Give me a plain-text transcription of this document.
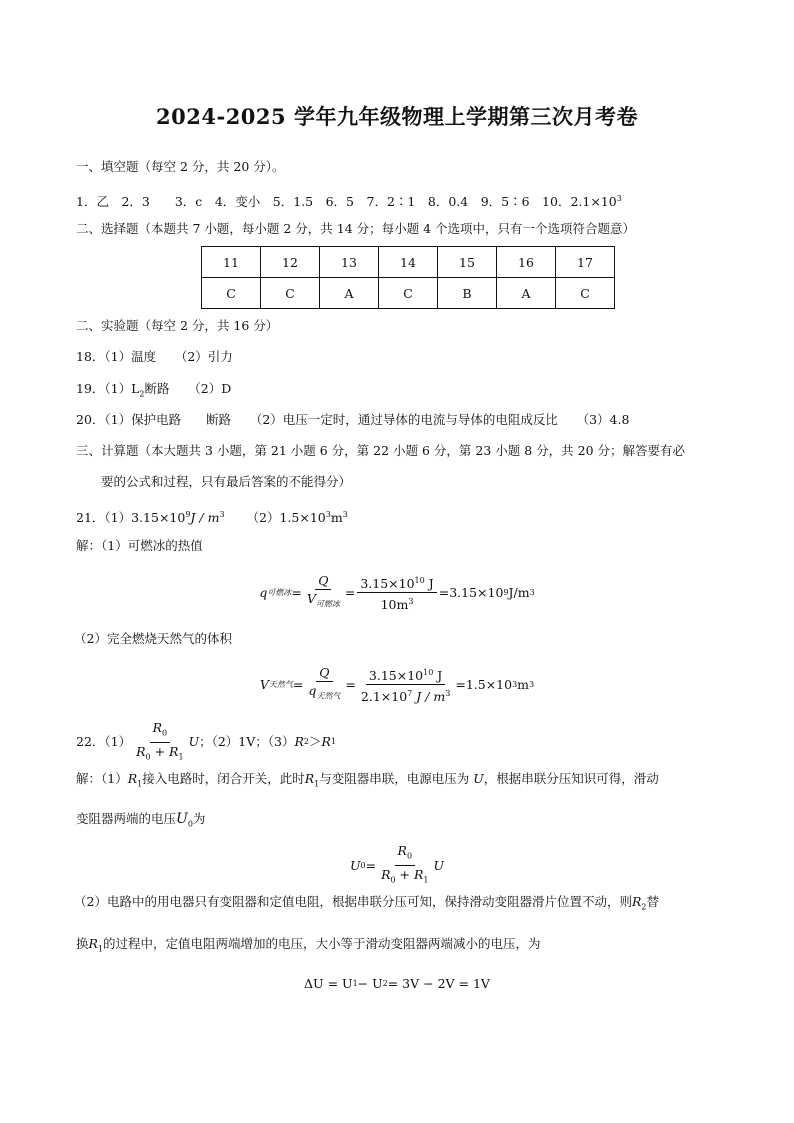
2024-2025 学年九年级物理上学期第三次月考卷
一、填空题（每空 2 分，共 20 分）。
1．乙　2．3　　3．c　4．变小　5．1.5　6．5　7．2∶1　8．0.4　9．5∶6　10．$2.1\times 10^3$
二、选择题（本题共 7 小题，每小题 2 分，共 14 分；每小题 4 个选项中，只有一个选项符合题意）
11	12	13	14	15	16	17
C	C	A	C	B	A	C
二、实验题（每空 2 分，共 16 分）
18．（1）温度　　（2）引力
19．$(1)L_2$断路　　（2）D
20．（1）保护电路　　断路　　（2）电压一定时，通过导体的电流与导体的电阻成反比　　（3）4.8
三、计算题（本大题共 3 小题，第 21 小题 6 分，第 22 小题 6 分，第 23 小题 8 分，共 20 分；解答要有必
要的公式和过程，只有最后答案的不能得分）
21．$(1)3.15\times 10^9J / m^3$ $(2)1.5\times 10^3m^3$
解：（1）可燃冰的热值
q 可燃冰 = $\frac{Q}{V_{可燃冰}} = \frac{3.15\times 10^{10} J}{10m^3} =3.15\times 10$ 9 J/m 3
（2）完全燃烧天然气的体积
V 天然气 = $\frac{Q}{q_{天然气}} = \frac{3.15\times 10^{10} J}{2.1\times 10^7 J / m^3} =1.5\times 10$ 3 m 3
22．$(1) \frac{R_0}{R_0 + R_1}$ U ；（2）1V；（3） R 2 ＞ R 1
解：$(1)R_1$接入电路时，闭合开关，此时$R_1$与变阻器串联，电源电压为 U，根据串联分压知识可得，滑动
变阻器两端的电压$U_0$为
U $0 = \frac{R_0}{R_0 + R_1}$ U
（2）电路中的用电器只有变阻器和定值电阻，根据串联分压可知，保持滑动变阻器滑片位置不动，则$R_2$替
换$R_1$的过程中，定值电阻两端增加的电压，大小等于滑动变阻器两端减小的电压，为
ΔU = U 1 − U 2 = 3V − 2V = 1V
